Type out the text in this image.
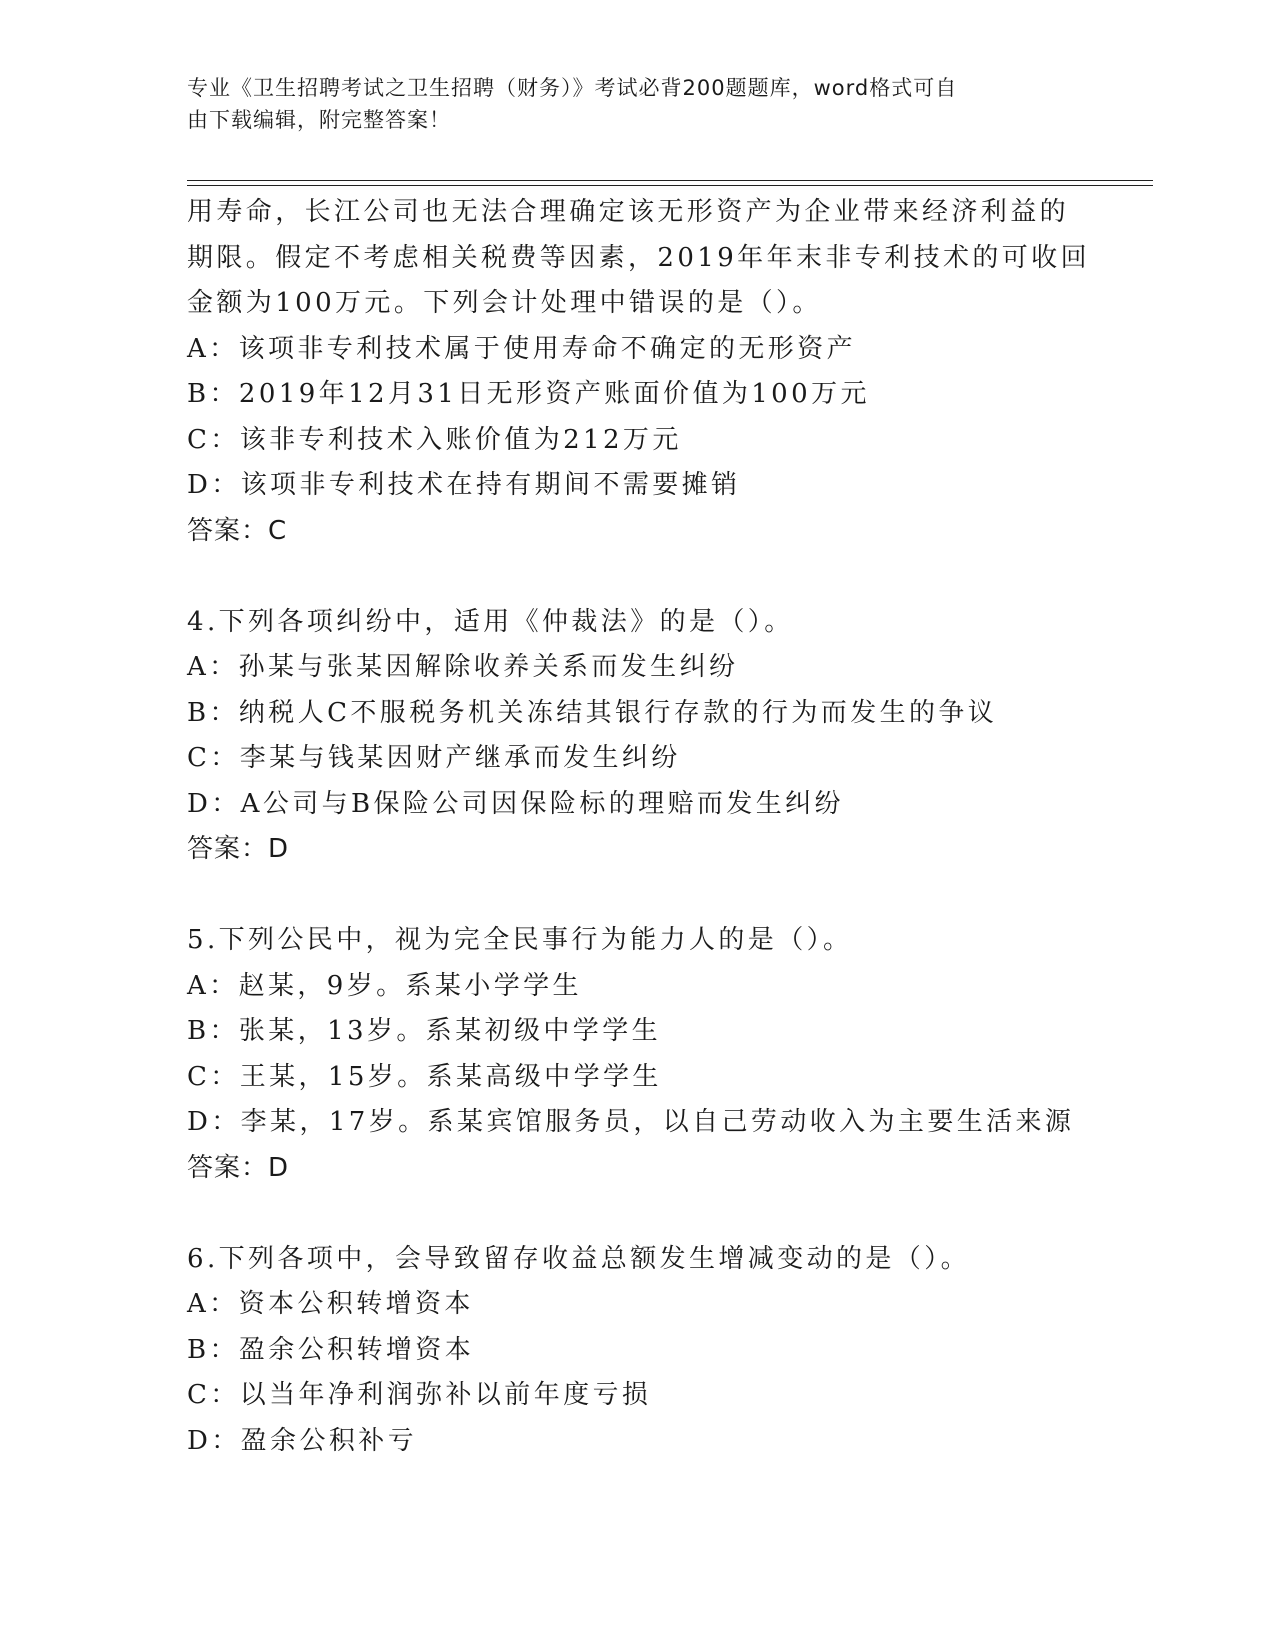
专业《卫生招聘考试之卫生招聘（财务）》考试必背200题题库，word格式可自
由下载编辑，附完整答案！
用寿命，长江公司也无法合理确定该无形资产为企业带来经济利益的
期限。假定不考虑相关税费等因素，2019年年末非专利技术的可收回
金额为100万元。下列会计处理中错误的是（）。
A：该项非专利技术属于使用寿命不确定的无形资产
B：2019年12月31日无形资产账面价值为100万元
C：该非专利技术入账价值为212万元
D：该项非专利技术在持有期间不需要摊销
答案：C
4.下列各项纠纷中，适用《仲裁法》的是（）。
A：孙某与张某因解除收养关系而发生纠纷
B：纳税人C不服税务机关冻结其银行存款的行为而发生的争议
C：李某与钱某因财产继承而发生纠纷
D：A公司与B保险公司因保险标的理赔而发生纠纷
答案：D
5.下列公民中，视为完全民事行为能力人的是（）。
A：赵某，9岁。系某小学学生
B：张某，13岁。系某初级中学学生
C：王某，15岁。系某高级中学学生
D：李某，17岁。系某宾馆服务员，以自己劳动收入为主要生活来源
答案：D
6.下列各项中，会导致留存收益总额发生增减变动的是（）。
A：资本公积转增资本
B：盈余公积转增资本
C：以当年净利润弥补以前年度亏损
D：盈余公积补亏
